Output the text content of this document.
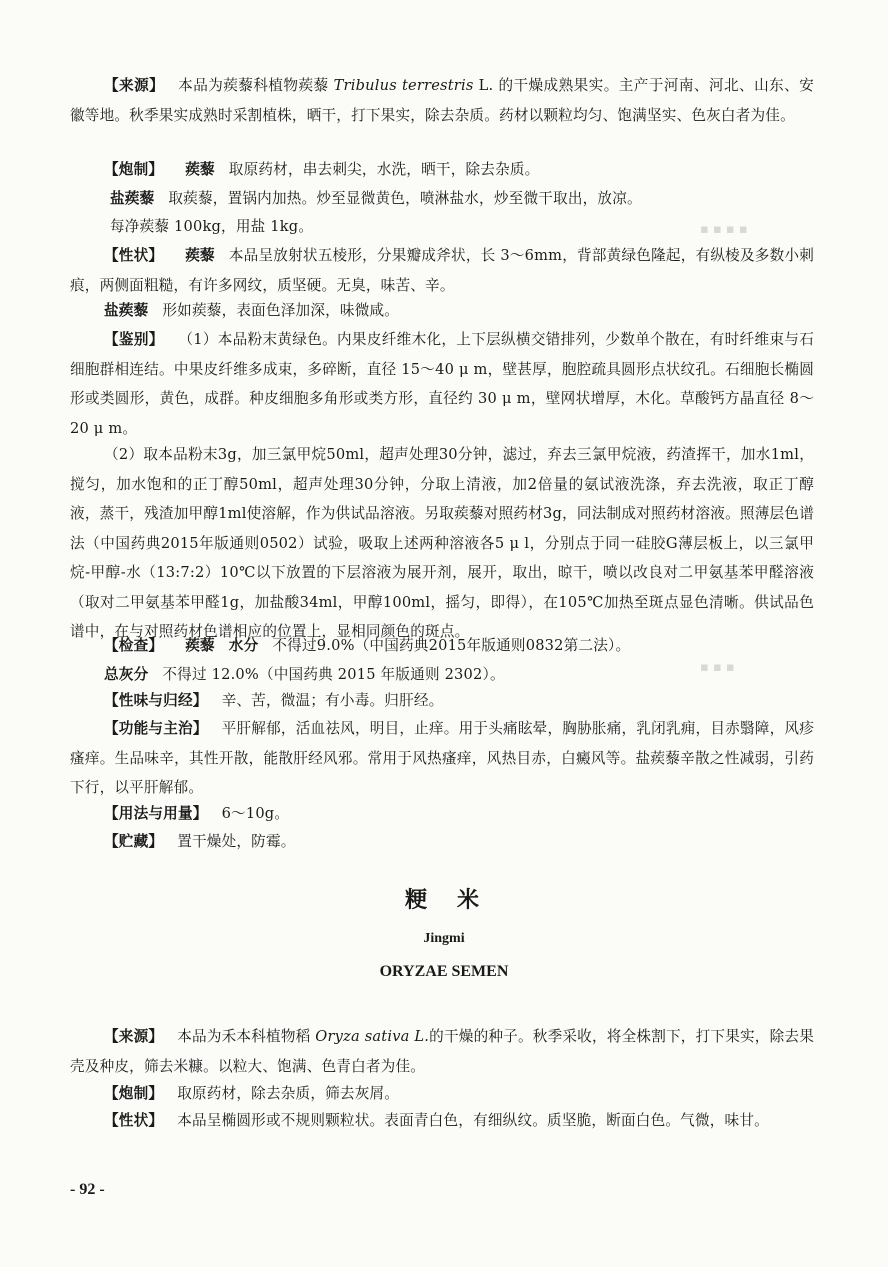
▪ ▪ ▪ ▪
▪ ▪ ▪

【来源】 本品为蒺藜科植物蒺藜 Tribulus terrestris L. 的干燥成熟果实。主产于河南、河北、山东、安徽等地。秋季果实成熟时采割植株，晒干，打下果实，除去杂质。药材以颗粒均匀、饱满坚实、色灰白者为佳。

【炮制】 蒺藜 取原药材，串去刺尖，水洗，晒干，除去杂质。

盐蒺藜 取蒺藜，置锅内加热。炒至显微黄色，喷淋盐水，炒至微干取出，放凉。

每净蒺藜 100kg，用盐 1kg。

【性状】 蒺藜 本品呈放射状五棱形，分果瓣成斧状，长 3～6mm，背部黄绿色隆起，有纵棱及多数小刺痕，两侧面粗糙，有许多网纹，质坚硬。无臭，味苦、辛。

盐蒺藜 形如蒺藜，表面色泽加深，味微咸。

【鉴别】 （1）本品粉末黄绿色。内果皮纤维木化，上下层纵横交错排列，少数单个散在，有时纤维束与石细胞群相连结。中果皮纤维多成束，多碎断，直径 15～40 μ m，壁甚厚，胞腔疏具圆形点状纹孔。石细胞长椭圆形或类圆形，黄色，成群。种皮细胞多角形或类方形，直径约 30 μ m，壁网状增厚，木化。草酸钙方晶直径 8～20 μ m。

（2）取本品粉末3g，加三氯甲烷50ml，超声处理30分钟，滤过，弃去三氯甲烷液，药渣挥干，加水1ml，搅匀，加水饱和的正丁醇50ml，超声处理30分钟，分取上清液，加2倍量的氨试液洗涤，弃去洗液，取正丁醇液，蒸干，残渣加甲醇1ml使溶解，作为供试品溶液。另取蒺藜对照药材3g，同法制成对照药材溶液。照薄层色谱法（中国药典2015年版通则0502）试验，吸取上述两种溶液各5 μ l，分别点于同一硅胶G薄层板上，以三氯甲烷-甲醇-水（13:7:2）10℃以下放置的下层溶液为展开剂，展开，取出，晾干，喷以改良对二甲氨基苯甲醛溶液（取对二甲氨基苯甲醛1g，加盐酸34ml，甲醇100ml，摇匀，即得），在105℃加热至斑点显色清晰。供试品色谱中，在与对照药材色谱相应的位置上，显相同颜色的斑点。

【检查】 蒺藜 水分 不得过9.0%（中国药典2015年版通则0832第二法）。

总灰分 不得过 12.0%（中国药典 2015 年版通则 2302）。

【性味与归经】 辛、苦，微温；有小毒。归肝经。

【功能与主治】 平肝解郁，活血祛风，明目，止痒。用于头痛眩晕，胸胁胀痛，乳闭乳痈，目赤翳障，风疹瘙痒。生品味辛，其性开散，能散肝经风邪。常用于风热瘙痒，风热目赤，白癜风等。盐蒺藜辛散之性减弱，引药下行，以平肝解郁。

【用法与用量】 6～10g。

【贮藏】 置干燥处，防霉。

粳　米

Jingmi

ORYZAE SEMEN

【来源】 本品为禾本科植物稻 Oryza sativa L.的干燥的种子。秋季采收，将全株割下，打下果实，除去果壳及种皮，筛去米糠。以粒大、饱满、色青白者为佳。

【炮制】 取原药材，除去杂质，筛去灰屑。

【性状】 本品呈椭圆形或不规则颗粒状。表面青白色，有细纵纹。质坚脆，断面白色。气微，味甘。

- 92 -
